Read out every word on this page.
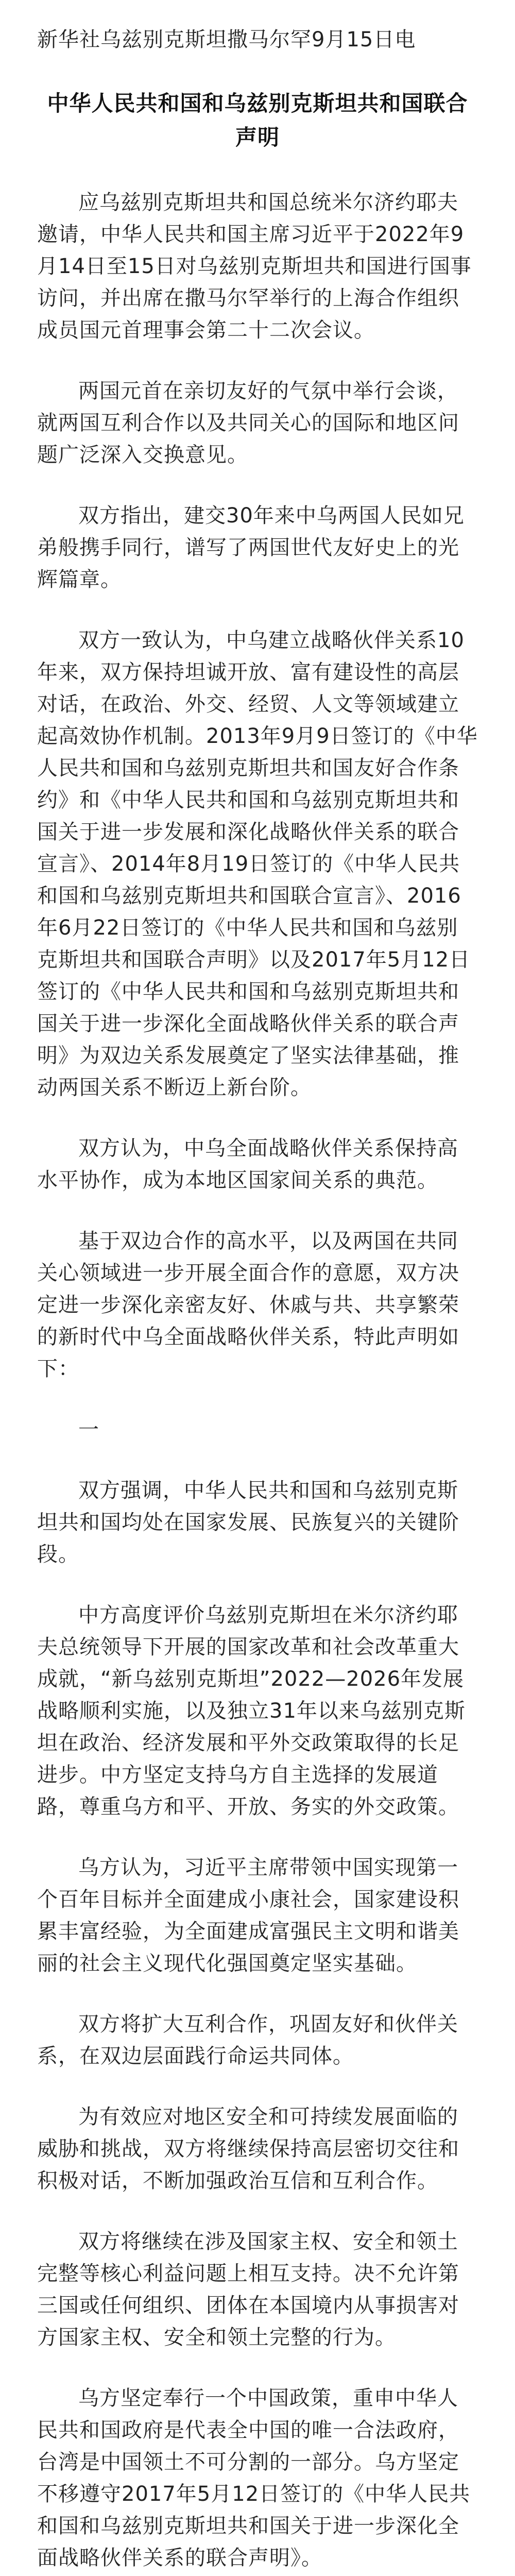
新华社乌兹别克斯坦撒马尔罕9月15日电

中华人民共和国和乌兹别克斯坦共和国联合声明

应乌兹别克斯坦共和国总统米尔济约耶夫邀请，中华人民共和国主席习近平于2022年9月14日至15日对乌兹别克斯坦共和国进行国事访问，并出席在撒马尔罕举行的上海合作组织成员国元首理事会第二十二次会议。

两国元首在亲切友好的气氛中举行会谈，就两国互利合作以及共同关心的国际和地区问题广泛深入交换意见。

双方指出，建交30年来中乌两国人民如兄弟般携手同行，谱写了两国世代友好史上的光辉篇章。

双方一致认为，中乌建立战略伙伴关系10年来，双方保持坦诚开放、富有建设性的高层对话，在政治、外交、经贸、人文等领域建立起高效协作机制。2013年9月9日签订的《中华人民共和国和乌兹别克斯坦共和国友好合作条约》和《中华人民共和国和乌兹别克斯坦共和国关于进一步发展和深化战略伙伴关系的联合宣言》、2014年8月19日签订的《中华人民共和国和乌兹别克斯坦共和国联合宣言》、2016年6月22日签订的《中华人民共和国和乌兹别克斯坦共和国联合声明》以及2017年5月12日签订的《中华人民共和国和乌兹别克斯坦共和国关于进一步深化全面战略伙伴关系的联合声明》为双边关系发展奠定了坚实法律基础，推动两国关系不断迈上新台阶。

双方认为，中乌全面战略伙伴关系保持高水平协作，成为本地区国家间关系的典范。

基于双边合作的高水平，以及两国在共同关心领域进一步开展全面合作的意愿，双方决定进一步深化亲密友好、休戚与共、共享繁荣的新时代中乌全面战略伙伴关系，特此声明如下：

一

双方强调，中华人民共和国和乌兹别克斯坦共和国均处在国家发展、民族复兴的关键阶段。

中方高度评价乌兹别克斯坦在米尔济约耶夫总统领导下开展的国家改革和社会改革重大成就，“新乌兹别克斯坦”2022—2026年发展战略顺利实施，以及独立31年以来乌兹别克斯坦在政治、经济发展和平外交政策取得的长足进步。中方坚定支持乌方自主选择的发展道路，尊重乌方和平、开放、务实的外交政策。

乌方认为，习近平主席带领中国实现第一个百年目标并全面建成小康社会，国家建设积累丰富经验，为全面建成富强民主文明和谐美丽的社会主义现代化强国奠定坚实基础。

双方将扩大互利合作，巩固友好和伙伴关系，在双边层面践行命运共同体。

为有效应对地区安全和可持续发展面临的威胁和挑战，双方将继续保持高层密切交往和积极对话，不断加强政治互信和互利合作。

双方将继续在涉及国家主权、安全和领土完整等核心利益问题上相互支持。决不允许第三国或任何组织、团体在本国境内从事损害对方国家主权、安全和领土完整的行为。

乌方坚定奉行一个中国政策，重申中华人民共和国政府是代表全中国的唯一合法政府，台湾是中国领土不可分割的一部分。乌方坚定不移遵守2017年5月12日签订的《中华人民共和国和乌兹别克斯坦共和国关于进一步深化全面战略伙伴关系的联合声明》。
